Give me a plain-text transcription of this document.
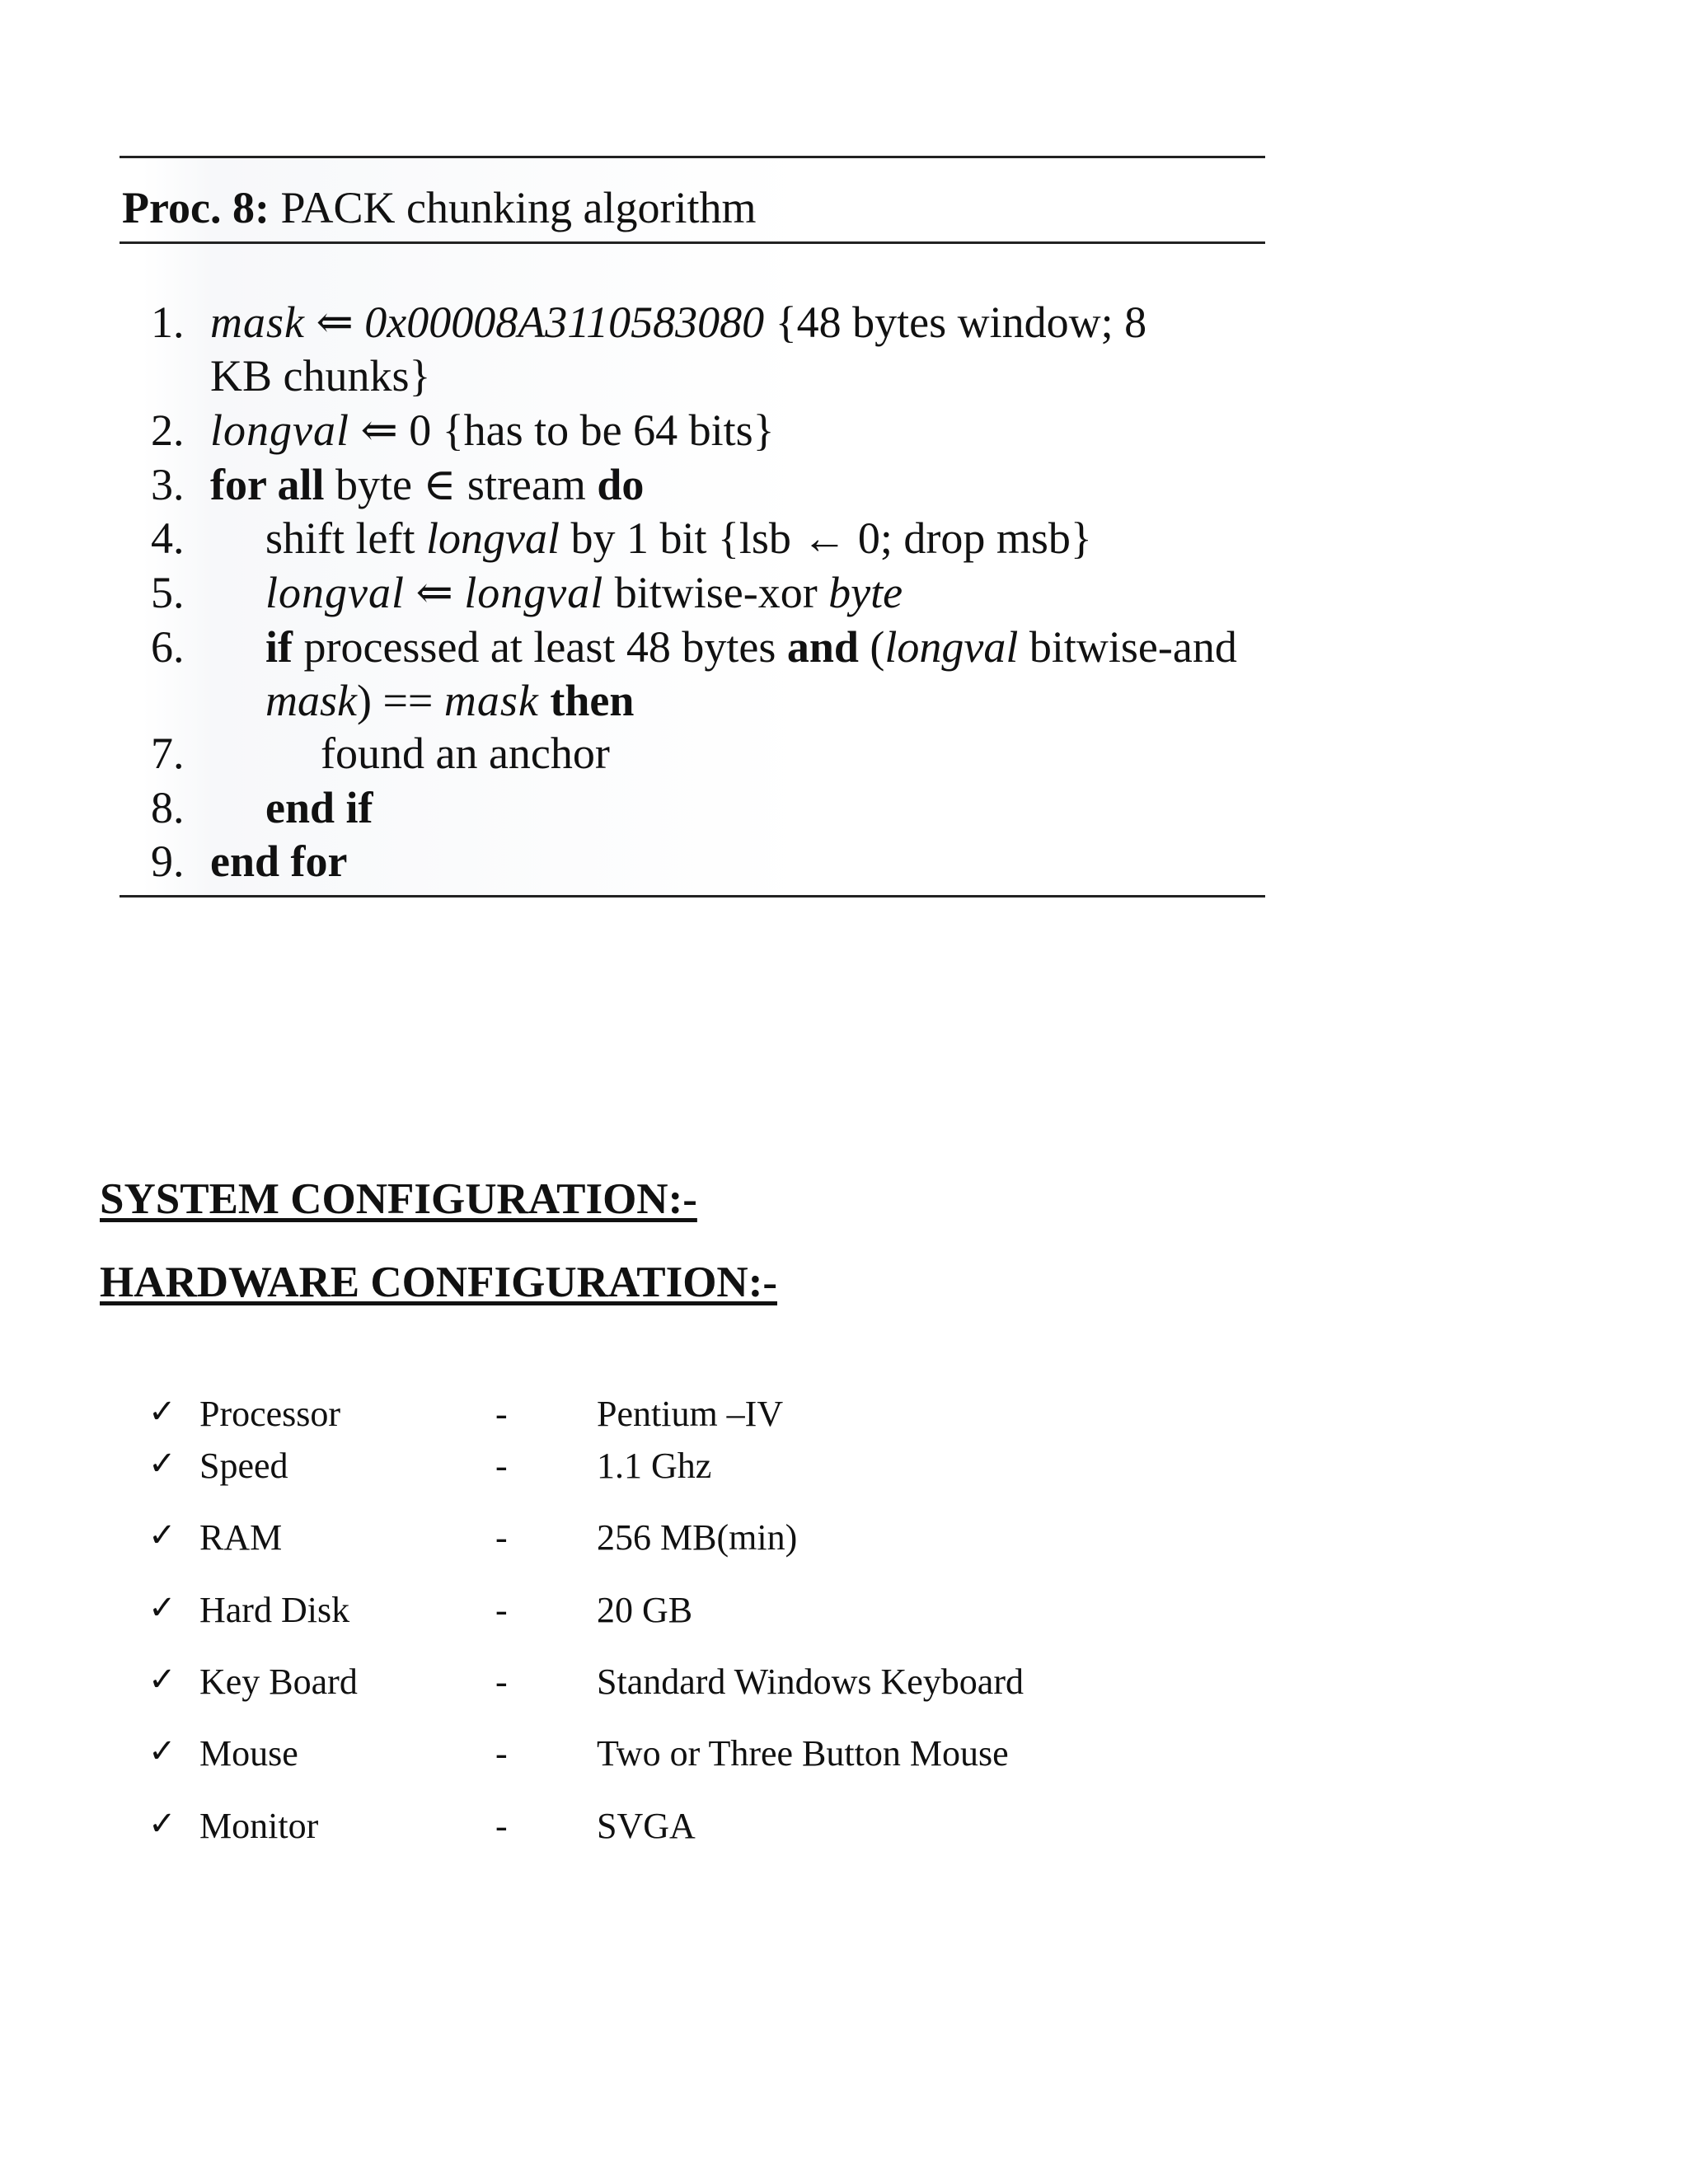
Proc. 8: PACK chunking algorithm
1. mask ⇐ 0x00008A3110583080 {48 bytes window; 8
KB chunks}
2. longval ⇐ 0 {has to be 64 bits}
3. for all byte ∈ stream do
4. shift left longval by 1 bit {lsb ← 0; drop msb}
5. longval ⇐ longval bitwise-xor byte
6. if processed at least 48 bytes and (longval bitwise-and
mask) == mask then
7.	found an anchor
8. end if
9. end for
SYSTEM CONFIGURATION:-
HARDWARE CONFIGURATION:-
✓ Processor	- Pentium –IV
✓ Speed	- 1.1 Ghz
✓ RAM	- 256 MB(min)
✓ Hard Disk	- 20 GB
✓ Key Board	- Standard Windows Keyboard
✓ Mouse	- Two or Three Button Mouse
✓ Monitor	- SVGA
